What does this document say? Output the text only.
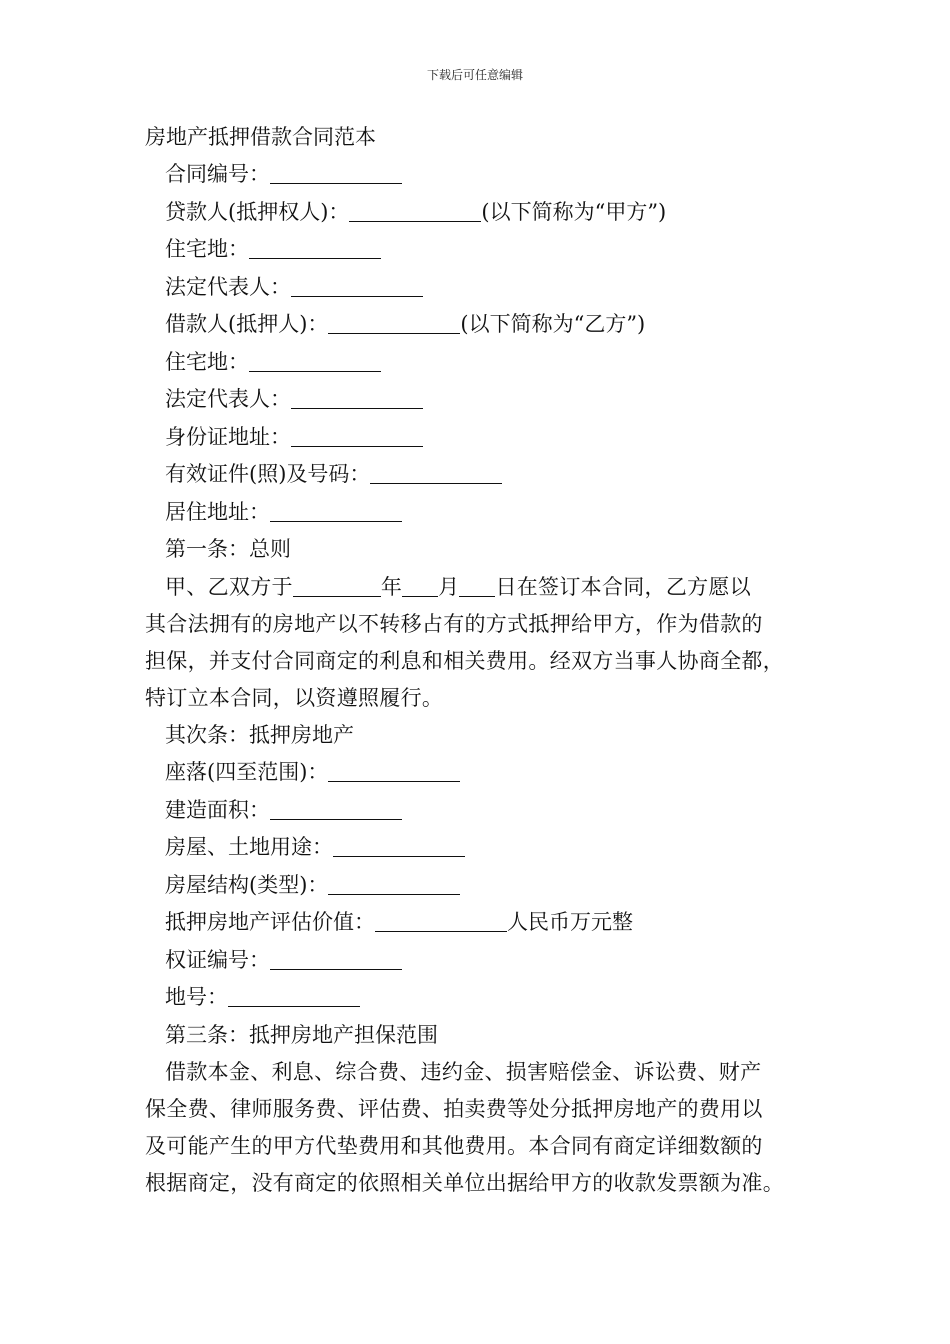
下载后可任意编辑
房地产抵押借款合同范本
合同编号：
贷款人(抵押权人)：	(以下简称为“甲方”)
住宅地：
法定代表人：
借款人(抵押人)：	(以下简称为“乙方”)
住宅地：
法定代表人：
身份证地址：
有效证件(照)及号码：
居住地址：
第一条：总则
甲、乙双方于	年 月 日在签订本合同，乙方愿以
其合法拥有的房地产以不转移占有的方式抵押给甲方，作为借款的
担保，并支付合同商定的利息和相关费用。经双方当事人协商全都，
特订立本合同，以资遵照履行。
其次条：抵押房地产
座落(四至范围)：
建造面积：
房屋、土地用途：
房屋结构(类型)：
抵押房地产评估价值：	人民币万元整
权证编号：
地号：
第三条：抵押房地产担保范围
借款本金、利息、综合费、违约金、损害赔偿金、诉讼费、财产
保全费、律师服务费、评估费、拍卖费等处分抵押房地产的费用以
及可能产生的甲方代垫费用和其他费用。本合同有商定详细数额的
根据商定，没有商定的依照相关单位出据给甲方的收款发票额为准。
